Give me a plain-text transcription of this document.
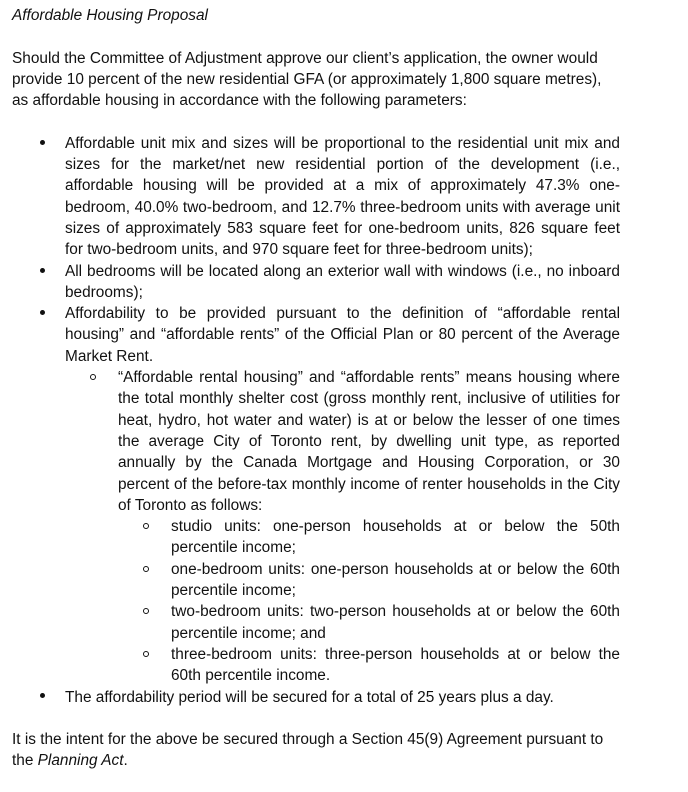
Affordable Housing Proposal

Should the Committee of Adjustment approve our client’s application, the owner would provide 10 percent of the new residential GFA (or approximately 1,800 square metres), as affordable housing in accordance with the following parameters:

Affordable unit mix and sizes will be proportional to the residential unit mix and sizes for the market/net new residential portion of the development (i.e., affordable housing will be provided at a mix of approximately 47.3% one-bedroom, 40.0% two-bedroom, and 12.7% three-bedroom units with average unit sizes of approximately 583 square feet for one-bedroom units, 826 square feet for two-bedroom units, and 970 square feet for three-bedroom units);
All bedrooms will be located along an exterior wall with windows (i.e., no inboard bedrooms);
Affordability to be provided pursuant to the definition of “affordable rental housing” and “affordable rents” of the Official Plan or 80 percent of the Average Market Rent.
“Affordable rental housing” and “affordable rents” means housing where the total monthly shelter cost (gross monthly rent, inclusive of utilities for heat, hydro, hot water and water) is at or below the lesser of one times the average City of Toronto rent, by dwelling unit type, as reported annually by the Canada Mortgage and Housing Corporation, or 30 percent of the before-tax monthly income of renter households in the City of Toronto as follows:
studio units: one-person households at or below the 50th percentile income;
one-bedroom units: one-person households at or below the 60th percentile income;
two-bedroom units: two-person households at or below the 60th percentile income; and
three-bedroom units: three-person households at or below the 60th percentile income.
The affordability period will be secured for a total of 25 years plus a day.

It is the intent for the above be secured through a Section 45(9) Agreement pursuant to the Planning Act.
